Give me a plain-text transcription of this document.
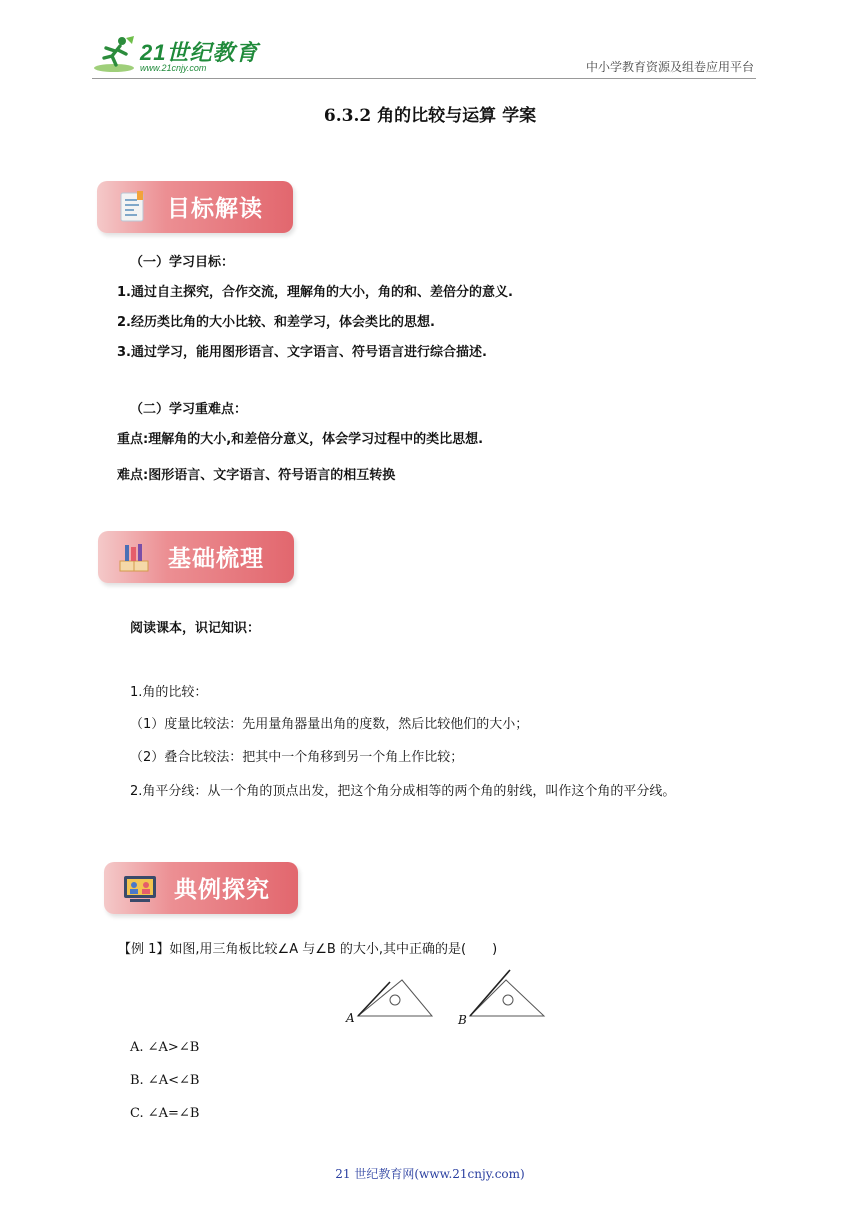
21世纪教育
www.21cnjy.com	中小学教育资源及组卷应用平台
6.3.2 角的比较与运算 学案
目标解读
（一）学习目标：
1.通过自主探究，合作交流，理解角的大小，角的和、差倍分的意义.
2.经历类比角的大小比较、和差学习，体会类比的思想.
3.通过学习，能用图形语言、文字语言、符号语言进行综合描述.
（二）学习重难点：
重点:理解角的大小,和差倍分意义，体会学习过程中的类比思想.
难点:图形语言、文字语言、符号语言的相互转换
基础梳理
阅读课本，识记知识：
1.角的比较：
（1）度量比较法：先用量角器量出角的度数，然后比较他们的大小；
（2）叠合比较法：把其中一个角移到另一个角上作比较；
2.角平分线：从一个角的顶点出发，把这个角分成相等的两个角的射线，叫作这个角的平分线。
典例探究
【例 1】如图,用三角板比较∠A 与∠B 的大小,其中正确的是(　　)
A	B
A. ∠A>∠B
B. ∠A<∠B
C. ∠A=∠B
21 世纪教育网(www.21cnjy.com)
